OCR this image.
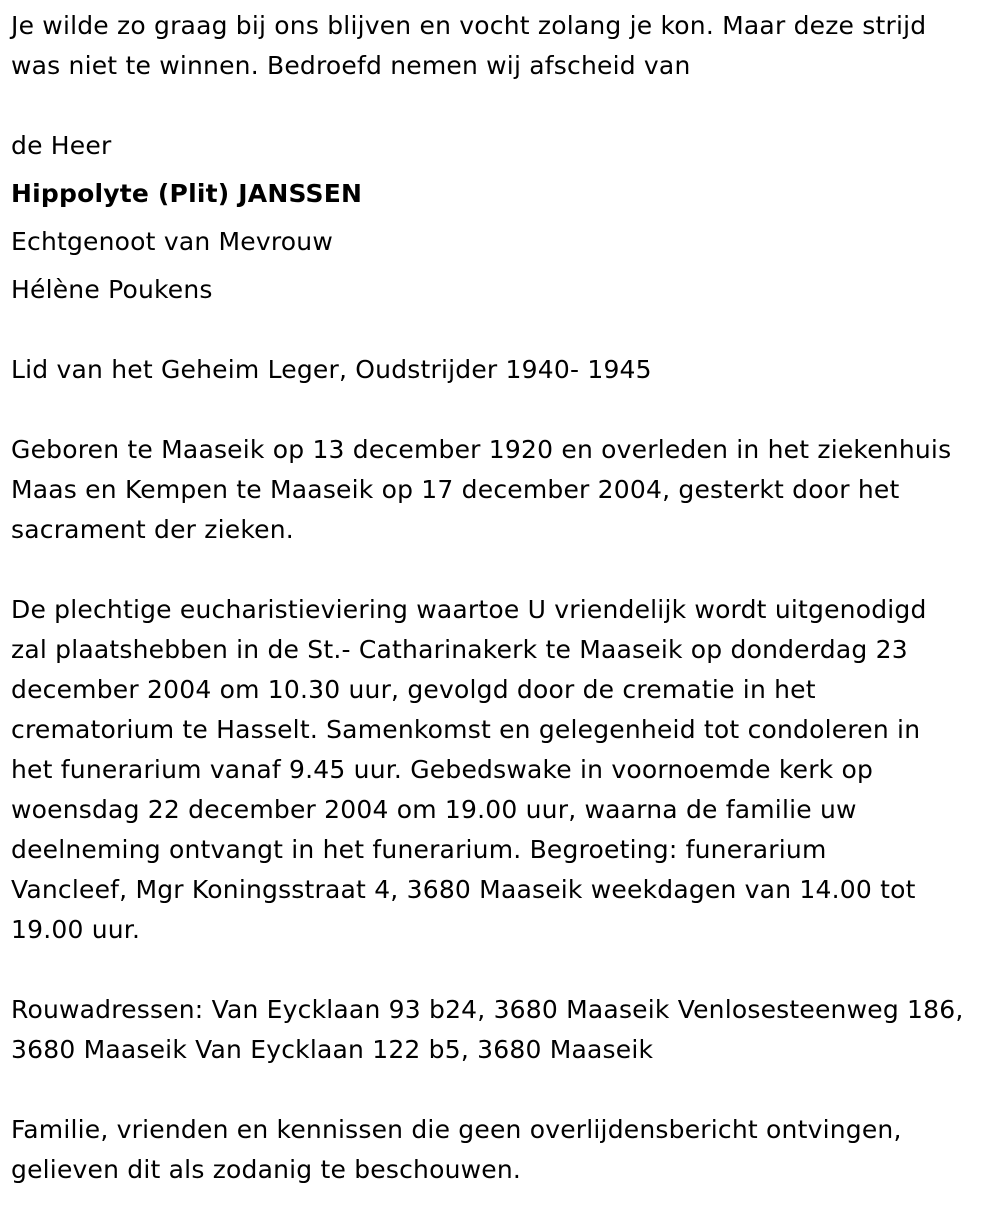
Je wilde zo graag bij ons blijven en vocht zolang je kon. Maar deze strijd
was niet te winnen. Bedroefd nemen wij afscheid van
de Heer
Hippolyte (Plit) JANSSEN
Echtgenoot van Mevrouw
Hélène Poukens
Lid van het Geheim Leger, Oudstrijder 1940- 1945
Geboren te Maaseik op 13 december 1920 en overleden in het ziekenhuis
Maas en Kempen te Maaseik op 17 december 2004, gesterkt door het
sacrament der zieken.
De plechtige eucharistieviering waartoe U vriendelijk wordt uitgenodigd
zal plaatshebben in de St.- Catharinakerk te Maaseik op donderdag 23
december 2004 om 10.30 uur, gevolgd door de crematie in het
crematorium te Hasselt. Samenkomst en gelegenheid tot condoleren in
het funerarium vanaf 9.45 uur. Gebedswake in voornoemde kerk op
woensdag 22 december 2004 om 19.00 uur, waarna de familie uw
deelneming ontvangt in het funerarium. Begroeting: funerarium
Vancleef, Mgr Koningsstraat 4, 3680 Maaseik weekdagen van 14.00 tot
19.00 uur.
Rouwadressen: Van Eycklaan 93 b24, 3680 Maaseik Venlosesteenweg 186,
3680 Maaseik Van Eycklaan 122 b5, 3680 Maaseik
Familie, vrienden en kennissen die geen overlijdensbericht ontvingen,
gelieven dit als zodanig te beschouwen.
